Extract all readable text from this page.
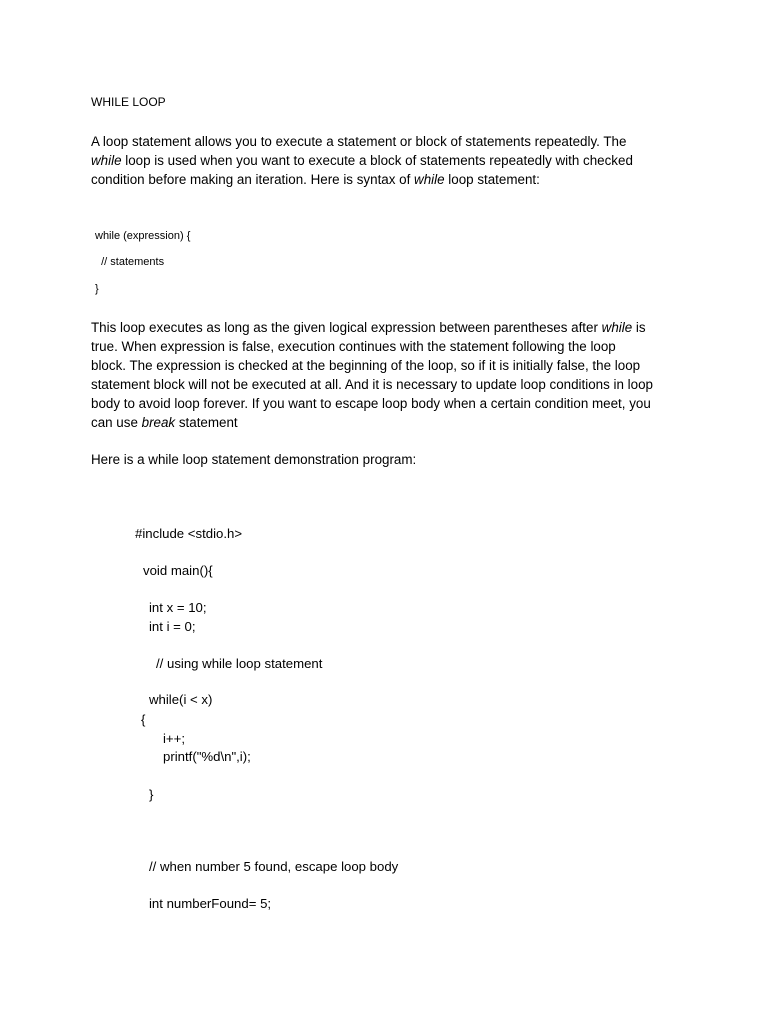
WHILE LOOP

A loop statement allows you to execute a statement or block of statements repeatedly. The

while loop is used when you want to execute a block of statements repeatedly with checked

condition before making an iteration. Here is syntax of while loop statement:

while (expression) {
// statements
}

This loop executes as long as the given logical expression between parentheses after while is

true. When expression is false, execution continues with the statement following the loop

block. The expression is checked at the beginning of the loop, so if it is initially false, the loop

statement block will not be executed at all. And it is necessary to update loop conditions in loop

body to avoid loop forever. If you want to escape loop body when a certain condition meet, you

can use break statement

Here is a while loop statement demonstration program:
#include <stdio.h>
void main(){
int x = 10;
int i = 0;
// using while loop statement
while(i < x)
{
i++;
printf("%d\n",i);
}
// when number 5 found, escape loop body
int numberFound= 5;
